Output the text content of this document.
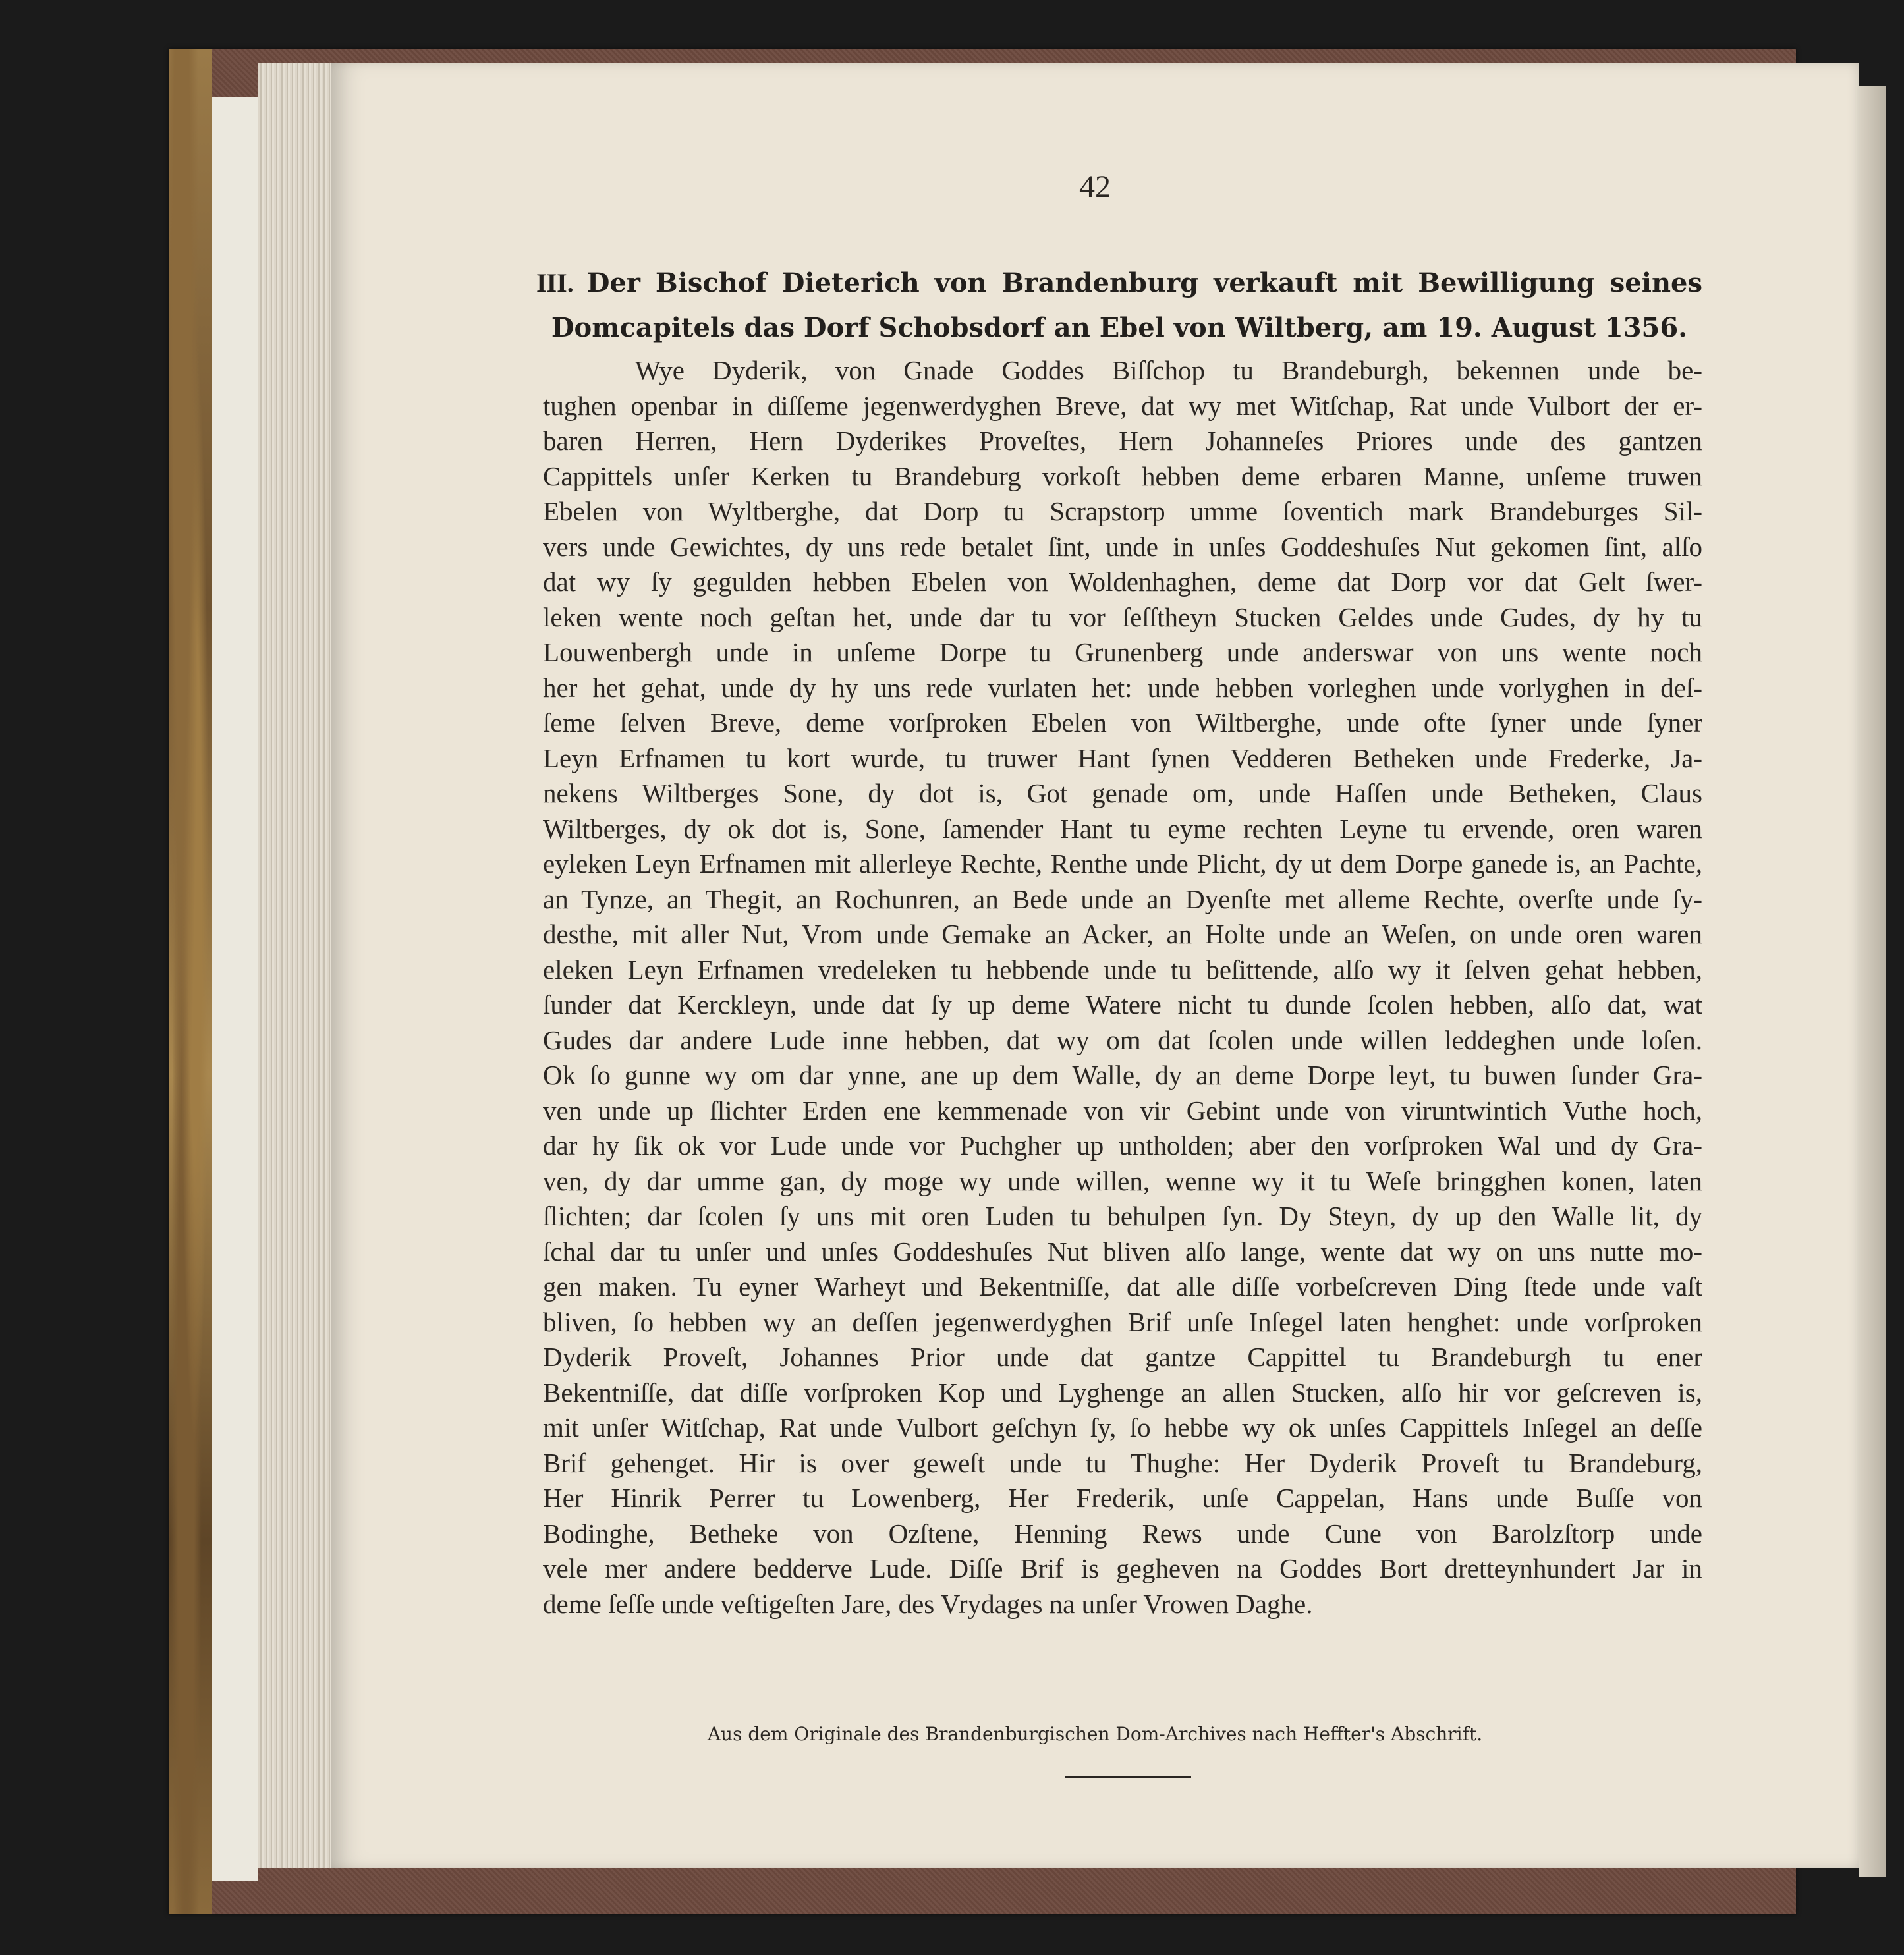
42
III. Der Bischof Dieterich von Brandenburg verkauft mit Bewilligung seines Domcapitels das Dorf Schobsdorf an Ebel von Wiltberg, am 19. August 1356.
Wye Dyderik, von Gnade Goddes Biſſchop tu Brandeburgh, bekennen unde be-
tughen openbar in diſſeme jegenwerdyghen Breve, dat wy met Witſchap, Rat unde Vulbort der er-
baren Herren, Hern Dyderikes Proveſtes, Hern Johanneſes Priores unde des gantzen
Cappittels unſer Kerken tu Brandeburg vorkoſt hebben deme erbaren Manne, unſeme truwen
Ebelen von Wyltberghe, dat Dorp tu Scrapstorp umme ſoventich mark Brandeburges Sil-
vers unde Gewichtes, dy uns rede betalet ſint, unde in unſes Goddeshuſes Nut gekomen ſint, alſo
dat wy ſy gegulden hebben Ebelen von Woldenhaghen, deme dat Dorp vor dat Gelt ſwer-
leken wente noch geſtan het, unde dar tu vor ſeſſtheyn Stucken Geldes unde Gudes, dy hy tu
Louwenbergh unde in unſeme Dorpe tu Grunenberg unde anderswar von uns wente noch
her het gehat, unde dy hy uns rede vurlaten het: unde hebben vorleghen unde vorlyghen in deſ-
ſeme ſelven Breve, deme vorſproken Ebelen von Wiltberghe, unde ofte ſyner unde ſyner
Leyn Erfnamen tu kort wurde, tu truwer Hant ſynen Vedderen Betheken unde Frederke, Ja-
nekens Wiltberges Sone, dy dot is, Got genade om, unde Haſſen unde Betheken, Claus
Wiltberges, dy ok dot is, Sone, ſamender Hant tu eyme rechten Leyne tu ervende, oren waren
eyleken Leyn Erfnamen mit allerleye Rechte, Renthe unde Plicht, dy ut dem Dorpe ganede is, an Pachte,
an Tynze, an Thegit, an Rochunren, an Bede unde an Dyenſte met alleme Rechte, overſte unde ſy-
desthe, mit aller Nut, Vrom unde Gemake an Acker, an Holte unde an Weſen, on unde oren waren
eleken Leyn Erfnamen vredeleken tu hebbende unde tu beſittende, alſo wy it ſelven gehat hebben,
ſunder dat Kerckleyn, unde dat ſy up deme Watere nicht tu dunde ſcolen hebben, alſo dat, wat
Gudes dar andere Lude inne hebben, dat wy om dat ſcolen unde willen leddeghen unde loſen.
Ok ſo gunne wy om dar ynne, ane up dem Walle, dy an deme Dorpe leyt, tu buwen ſunder Gra-
ven unde up ſlichter Erden ene kemmenade von vir Gebint unde von viruntwintich Vuthe hoch,
dar hy ſik ok vor Lude unde vor Puchgher up untholden; aber den vorſproken Wal und dy Gra-
ven, dy dar umme gan, dy moge wy unde willen, wenne wy it tu Weſe bringghen konen, laten
ſlichten; dar ſcolen ſy uns mit oren Luden tu behulpen ſyn. Dy Steyn, dy up den Walle lit, dy
ſchal dar tu unſer und unſes Goddeshuſes Nut bliven alſo lange, wente dat wy on uns nutte mo-
gen maken. Tu eyner Warheyt und Bekentniſſe, dat alle diſſe vorbeſcreven Ding ſtede unde vaſt
bliven, ſo hebben wy an deſſen jegenwerdyghen Brif unſe Inſegel laten henghet: unde vorſproken
Dyderik Proveſt, Johannes Prior unde dat gantze Cappittel tu Brandeburgh tu ener
Bekentniſſe, dat diſſe vorſproken Kop und Lyghenge an allen Stucken, alſo hir vor geſcreven is,
mit unſer Witſchap, Rat unde Vulbort geſchyn ſy, ſo hebbe wy ok unſes Cappittels Inſegel an deſſe
Brif gehenget. Hir is over geweſt unde tu Thughe: Her Dyderik Proveſt tu Brandeburg,
Her Hinrik Perrer tu Lowenberg, Her Frederik, unſe Cappelan, Hans unde Buſſe von
Bodinghe, Betheke von Ozſtene, Henning Rews unde Cune von Barolzſtorp unde
vele mer andere bedderve Lude. Diſſe Brif is gegheven na Goddes Bort dretteynhundert Jar in
deme ſeſſe unde veſtigeſten Jare, des Vrydages na unſer Vrowen Daghe.
Aus dem Originale des Brandenburgischen Dom-Archives nach Heffter's Abschrift.
